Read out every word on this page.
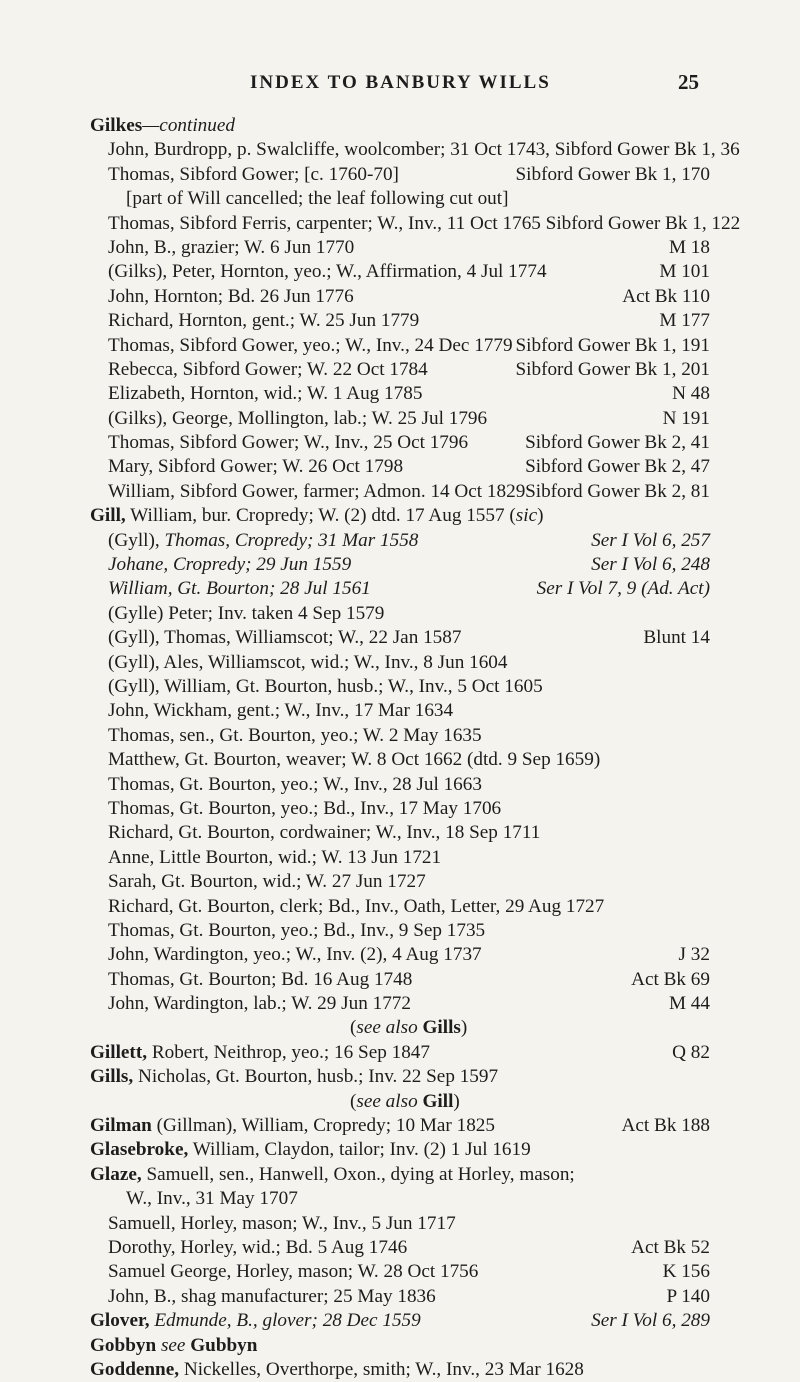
INDEX TO BANBURY WILLS	25
Gilkes—continued
John, Burdropp, p. Swalcliffe, woolcomber; 31 Oct 1743, Sibford Gower Bk 1, 36
Thomas, Sibford Gower; [c. 1760-70]	Sibford Gower Bk 1, 170
[part of Will cancelled; the leaf following cut out]
Thomas, Sibford Ferris, carpenter; W., Inv., 11 Oct 1765 Sibford Gower Bk 1, 122
John, B., grazier; W. 6 Jun 1770	M 18
(Gilks), Peter, Hornton, yeo.; W., Affirmation, 4 Jul 1774	M 101
John, Hornton; Bd. 26 Jun 1776	Act Bk 110
Richard, Hornton, gent.; W. 25 Jun 1779	M 177
Thomas, Sibford Gower, yeo.; W., Inv., 24 Dec 1779 Sibford Gower Bk 1, 191
Rebecca, Sibford Gower; W. 22 Oct 1784	Sibford Gower Bk 1, 201
Elizabeth, Hornton, wid.; W. 1 Aug 1785	N 48
(Gilks), George, Mollington, lab.; W. 25 Jul 1796	N 191
Thomas, Sibford Gower; W., Inv., 25 Oct 1796	Sibford Gower Bk 2, 41
Mary, Sibford Gower; W. 26 Oct 1798	Sibford Gower Bk 2, 47
William, Sibford Gower, farmer; Admon. 14 Oct 1829 Sibford Gower Bk 2, 81
Gill, William, bur. Cropredy; W. (2) dtd. 17 Aug 1557 (sic)
(Gyll), Thomas, Cropredy; 31 Mar 1558	Ser I Vol 6, 257
Johane, Cropredy; 29 Jun 1559	Ser I Vol 6, 248
William, Gt. Bourton; 28 Jul 1561	Ser I Vol 7, 9 (Ad. Act)
(Gylle) Peter; Inv. taken 4 Sep 1579
(Gyll), Thomas, Williamscot; W., 22 Jan 1587	Blunt 14
(Gyll), Ales, Williamscot, wid.; W., Inv., 8 Jun 1604
(Gyll), William, Gt. Bourton, husb.; W., Inv., 5 Oct 1605
John, Wickham, gent.; W., Inv., 17 Mar 1634
Thomas, sen., Gt. Bourton, yeo.; W. 2 May 1635
Matthew, Gt. Bourton, weaver; W. 8 Oct 1662 (dtd. 9 Sep 1659)
Thomas, Gt. Bourton, yeo.; W., Inv., 28 Jul 1663
Thomas, Gt. Bourton, yeo.; Bd., Inv., 17 May 1706
Richard, Gt. Bourton, cordwainer; W., Inv., 18 Sep 1711
Anne, Little Bourton, wid.; W. 13 Jun 1721
Sarah, Gt. Bourton, wid.; W. 27 Jun 1727
Richard, Gt. Bourton, clerk; Bd., Inv., Oath, Letter, 29 Aug 1727
Thomas, Gt. Bourton, yeo.; Bd., Inv., 9 Sep 1735
John, Wardington, yeo.; W., Inv. (2), 4 Aug 1737	J 32
Thomas, Gt. Bourton; Bd. 16 Aug 1748	Act Bk 69
John, Wardington, lab.; W. 29 Jun 1772	M 44
(see also Gills)
Gillett, Robert, Neithrop, yeo.; 16 Sep 1847	Q 82
Gills, Nicholas, Gt. Bourton, husb.; Inv. 22 Sep 1597
(see also Gill)
Gilman (Gillman), William, Cropredy; 10 Mar 1825	Act Bk 188
Glasebroke, William, Claydon, tailor; Inv. (2) 1 Jul 1619
Glaze, Samuell, sen., Hanwell, Oxon., dying at Horley, mason;
W., Inv., 31 May 1707
Samuell, Horley, mason; W., Inv., 5 Jun 1717
Dorothy, Horley, wid.; Bd. 5 Aug 1746	Act Bk 52
Samuel George, Horley, mason; W. 28 Oct 1756	K 156
John, B., shag manufacturer; 25 May 1836	P 140
Glover, Edmunde, B., glover; 28 Dec 1559	Ser I Vol 6, 289
Gobbyn see Gubbyn
Goddenne, Nickelles, Overthorpe, smith; W., Inv., 23 Mar 1628
